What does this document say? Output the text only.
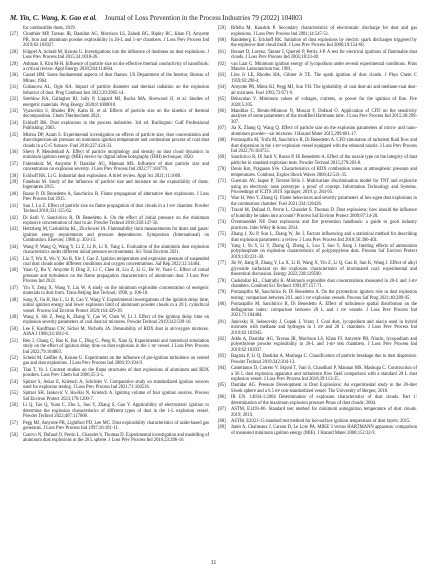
M. Yin, C. Wang, K. Gao et al. Journal of Loss Prevention in the Process Industries 79 (2022) 104803
for combustible dusts, 2019.
[27]	Clouthier MP, Taveau JR, Dastidar AG, Morrison LS, Zalosh RG, Ripley RC, Khan FI, Amyotte PR, Iron and aluminum powder explosibility in 20-L and 1-m³ chambers. J Loss Prev Process Ind 2019;62:103927.
[28]	Klippel A, Scheid M, Krause U. Investigations into the influence of dustiness on dust explosions. J Loss Prev Process Ind 2015;34:1018-26.
[29]	Ashman S, Kim M-H. Influence of particle size on the effective thermal conductivity of nanofluids: a critical review. Appl Energy 2020;264:114684.
[30]	Cassel HM. Some fundamental aspects of dust flames: US Department of the Interior, Bureau of Mines; 1964.
[31]	Gubanova AL, Ogle RA. Impact of particle diameter and thermal radiation on the explosion behavior of dust. Prog Combust Inst 2023;39:2905-14.
[32]	Strehlow RA, Gallagher RJ, Jolly P, Lippard MI, Rocha MA, Sherwood JJ, et al. Studies of energetic materials. Prog Energy 2020;8:1000010.
[33]	Vyazovkin S, Rhodes RW, Kahn H, et al. Effects of particle size on the kinetics of thermal decomposition. Chem Thermochem 2021.
[34]	Eckhoff RK. Dust explosions in the process industries. 3rd ed. Burlington: Gulf Professional Publishing; 2003.
[35]	Mishra DP, Azam S. Experimental investigation on effects of particle size, dust concentration and dust-dispersion-air pressure on minimum ignition temperature and combustion process of coal dust clouds in a G-G furnace. Fuel 2018;227:424-33.
[36]	Shevy P, Mendenhall A. Effect of particle morphology and density on dust cloud dynamics in minimum ignition energy (MIE) device by digital inline holography (DIH) technique; 2020.
[37]	Fahrenholz M, Amyotte P, Dastidar AG, Mannan MS. Influence of dust particle size and concentration on explosion severity. J Loss Prev Process Ind 2022;77:104776.
[38]	Eckhoff RK, Li G. Industrial dust explosions. A brief review. Appl Sci 2021;11:1669.
[39]	Fanebust M. Study of the influence of particle size and moisture on the explosibility of dusts. Ingeniøren 2015.
[40]	Russo P, Di Benedetto A, Sanchirico R. Flame propagation of alternative dust explosions. J Loss Prev Process Ind 2015.
[41]	Sun J, Lu Z. Effect of particle size on flame propagation of dust clouds in a 1-m³ chamber. Powder Technol 2018;331:155-62.
[42]	Di Sarli V, Sanchirico R, Di Benedetto A. On the effect of initial pressure on the minimum explosive concentration of dust in air. Powder Technol 2018;338:147-56.
[43]	Hertzberg M, Cashdollar KL, Zlochower IA. Flammability limit measurements for dusts and gases: ignition energy requirements and pressure dependences. Symposium (International) on Combustion. Elsevier; 1988. p. 303-13.
[44]	Wang P, Wang Q, Wang Y, Li Z, Li B, Li X, Yang L. Evaluation of the aluminum dust explosion characteristics under different initial pressure environments. Sci Total Environ 2021.
[45]	Liu T, Wu X, Wu Y, Xu B, Xie J, Gao Z. Ignition temperature and explosion pressure of suspended coal dust clouds under different conditions and oxygen concentrations. Saf Rep 2022;12:14464.
[46]	Yuan Q, Bu Y, Amyotte P, Ding Z, Li C, Chen H, Liu Z, Li G, He W, Yuan C. Effect of initial pressure and turbulence on the flame propagation characteristics of aluminum dust. J Loss Prev Process Ind 2022.
[47]	Yin Y, Zeng X, Wang Y, Liu W. A study on the minimum explosible concentration of energetic materials in dust form. Trans Beijing Inst Technol; 1998, p. 106-10.
[48]	Song X, Jiu H, Bai L, Li B, Cao Y, Wang Y. Experimental investigations of the ignition delay time, initial ignition energy and lower explosion limit of aluminum powder clouds in a 20 L cylindrical vessel. Process Saf Environ Protect 2020;164:429-39.
[49]	Wang S, Shi Z, Peng K, Zhang Y, Cao W, Chen W, Li J. Effect of the ignition delay time on explosion severity parameters of coal dust/air mixtures. Powder Technol 2019;342:509-16.
[50]	Lee F, Kauffman CW, Sichel M, Nicholls JA. Detonability of RDX dust in air/oxygen mixtures. AIAA J 1986;24:1811-6.
[51]	Ren J, Chang C, Bao K, Bai C, Ding G, Peng K, Xiao Q. Experimental and numerical simulation study on the effect of ignition delay time on dust explosion in the 1 m³ vessel. J Loss Prev Process Ind 2022;79:104803.
[52]	Scheid M, Geißler A, Krause U. Experiments on the influence of pre-ignition turbulence on vented gas and dust explosions. J Loss Prev Process Ind 2006;19:194-9.
[53]	Tian T, Yu J. Contrast studies on the flame structures of dust explosions of aluminum and RDX powders. Loss Prev Chem Ind 2006;35:3-5.
[54]	Spitzer S, Askar E, Krietsch A, Schröder V. Comparative study on standardized ignition sources used for explosion testing. J Loss Prev Process Ind 2021;71:104516.
[55]	Spitzer SH, Janković V, Ha-Hai N, Krietsch A. Igniting volume of four ignition sources. Process Saf Environ Protect 2023;170:1200-7.
[56]	Li Q, Tao Q, Yuan C, Zhu L, Sun Y, Zhang S, Gao Y. Applicability of electrostatic ignition to determine the explosion characteristics of different types of dust in the 1-L explosion vessel. Powder Technol 2022;407:117668.
[57]	Pegg MJ, Amyotte PR, Lightfoot PD, Lee MC. Dust explosibility characteristics of azide-based gas generants. J Loss Prev Process Ind 1997;10:101-11.
[58]	Cuervo N, Dufaud O, Perrin L, Chazelet S, Thomas D. Experimental investigation and modelling of aluminum dust explosions in the 20 L sphere. J Loss Prev Process Ind 2016;23:206-16.
[59]	Rifella M, Kaushik P. Secondary characteristics of electrostatic discharge for dust and gas explosions. J Loss Prev Process Ind 2001;14:547-51.
[60]	Randeberg E, Eckhoff RK. Initiation of dust explosions by electric spark discharges triggered by the explosive dust cloud itself. J Loss Prev Process Ind 2006;19:154-60.
[61]	Bonnet D, Lorenz, Tanner J, Querrel P, Petrix J-P. A test for electrical ignitions of flammable dust clouds. J Loss Prev Process Ind 2005;18:33-40.
[62]	van Laar G. Minimum ignition energy of lycopodium under several experimental conditions. Prins Maurits Laboratorium tno; 1981.
[63]	Line Jr LE, Rhodes HA, Gilmer Jr TE. The spark ignition of dust clouds. J Phys Chem C 1959;63:290-4.
[64]	Amyotte PR, Mintz KJ, Pegg MJ, Sun YH. The ignitability of coal dust-air and methane-coal dust-air mixtures. Fuel 1993;72:671-9.
[65]	Bebavalan V. Minimum values of voltages, currents, or power for the ignition of fine. Fire 2020;5:205.
[66]	Mandilas C, Benito-Miranon N, Muscat F, Dufaud O. Application of CFD on the sensitivity analyses of some parameters of the modified Hartmann tube. J Loss Prev Process Ind 2015;30:299-307.
[67]	Jia X, Zhang Q, Wang Q. Effect of particle size on the explosion parameters of micro- and nano-aluminum powder—air mixtures. J Hazard Mater 2015;299:601-17.
[68]	Portarapillo M, Trofa M, Sanchirico R, Di Benedetto A. CFD simulation of turbulent fluid flow and dust dispersion in the 1-m³ explosion vessel equipped with the rebound nozzle. J Loss Prev Process Ind 2022;76:104755.
[69]	Sanchirico R, Di Sarli V, Russo P, Di Benedetto A. Effect of the nozzle type on the integrity of dust particles in standard explosion tests. Powder Technol 2015;279:203-8.
[70]	Denis Km, Pragasen SVe. Characteristics of RDX combustion zones at atmospheric pressure and temperatures. Combust, Explos Shock Waves 2000;42:521-35.
[71]	Guerrain AV, Jasper P, Torrent-Tello J. Multivariate discrimination model for TNT and explosive using an electronic nose prototype: a proof of concept. Information Technology and Systems. Proceedings of ICITS 2019. Springer; 2019. p. 284-95.
[72]	Wan H, Wen Y, Zhang Q. Flame behaviours and severity parameters of hex-ogen dust explosions in the combustion chamber. Fuel 2021;334:126426.
[73]	Traoré M, Dufaud O, Perrin L, Chazelet S, Thomas D. Dust explosions: how should the influence of humidity be taken into account? Process Saf Environ Protect 2009;87:14-20.
[74]	Övermoeddel NP. Dust explosions and fire prevention handbook: a guide to good industry practices. John Wiley & Sons; 2014.
[75]	Zhang J, Xu P, Sun L, Zhang W, Jin J. Factors influencing and a statistical method for describing dust explosion parameters: a review. J Loss Prev Process Ind 2018;56:386-401.
[76]	Yang J, Yu Y, Li Y, Zhang Q, Zheng L, Luo T, Suo Y, Jiang J. Inerting effects of ammonium polyphosphate on explosion characteristics of polypropylene dust. Process Saf Environ Protect 2019;130:221-30.
[77]	Jin W, Jiang B, Zhang Y, Lu X, Li B, Wang X, Yin Z, Li Q, Gao B, Sun K, Wang J. Effect of alkyl glycoside surfactant on the explosion characteristics of brominated coal: experimental and theoretical discussion. Energy 2022;238:129590.
[78]	Cashdollar KL, Chatrathi K. Minimum explosible dust concentrations measured in 20-L and 1-m³ chambers. Combust Sci Technol 1993;87:157-71.
[79]	Portarapillo M, Sanchirico R, Di Benedetto A. On the pyrotechnic ignitors role in dust explosion testing: comparison between 20 L and 1 m³ explosion vessels. Process Saf Prog 2021;40:289-95.
[80]	Portarapillo M, Sanchirico R, Di Benedetto A. Effect of turbulence spatial distribution on the deflagration index: comparison between 20 L and 1 m³ vessels. J Loss Prev Process Ind 2021;71:104484.
[81]	Janovsky B, Selesovsky J, Cupak J, Vrany J. Coal dust, lycopodium and niacin used in hybrid mixtures with methane and hydrogen in 1 m³ and 20 L chambers. J Loss Prev Process Ind 2019;62:103945.
[82]	Addo A, Dastidar AG, Taveau JR, Morrison LS, Khan FI, Amyotte PR. Niacin, lycopodium and polyethylene powder explosibility in 20-L and 1-m³ test chambers. J Loss Prev Process Ind 2019;62:103937.
[83]	Bagaria P, Li Q, Dastidar A, Mashuga C. Classification of particle breakage due to dust dispersion. Powder Technol 2019;342:204-13.
[84]	Castellanos D, Carreto V, Skjold T, Vani S, Chaudhari P, Mannan MS, Mashuga C. Construction of a 36 L dust explosion apparatus and turbulence flow field comparison with a standard 20 L dust explosion vessel. J Loss Prev Process Ind 2016;39:113-25.
[85]	Dastidar AG. Pressure Development in Dust Explosions: An experimental study in the 20-liter Siwek sphere and a 0.5 m³ non-standardized vessel. The University of Bergen; 2018.
[86]	IR EN. 14034-1:2004 Determination of explosion characteristics of dust clouds. Part 1: determination of the maximum explosion pressure Pmax of dust clouds; 2004.
[87]	ASTM, E1491-06. Standard test method for minimum autoignition temperature of dust clouds. 2019; 2019.
[88]	ASTM, E2021-15 standard test method for hot-surface ignition temperature of dust layers. 2015.
[89]	Janès A, Chaineaux J, Carson D, Le Lore PA. MIKE 3 versus HARTMANN apparatus: comparison of measured minimum ignition energy (MIE). J Hazard Mater 2008;152:32-9.
11
